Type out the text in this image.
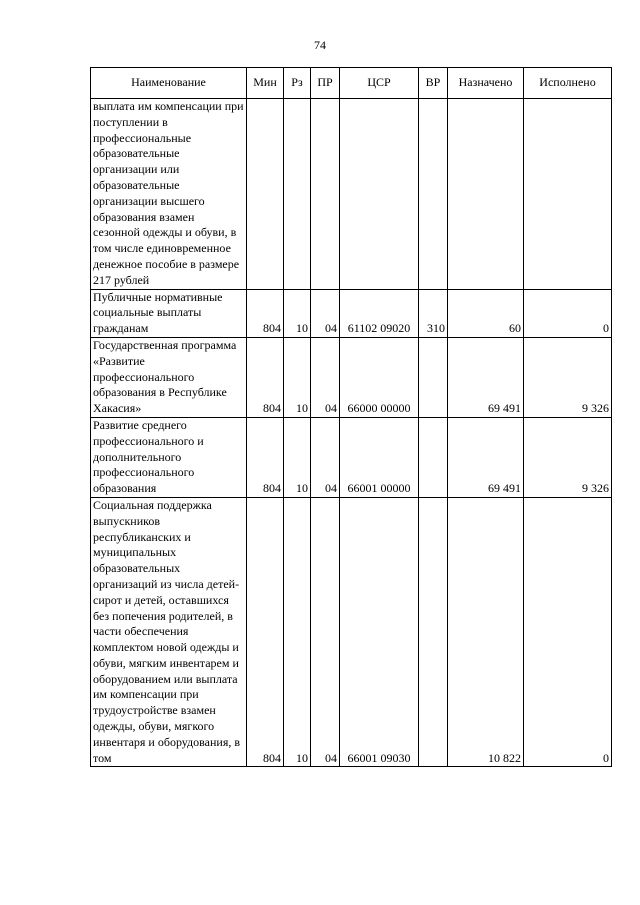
74
Наименование	Мин	Рз	ПР	ЦСР	ВР	Назначено	Исполнено
выплата им компенсации при поступлении в профессиональные образовательные организации или образовательные организации высшего образования взамен сезонной одежды и обуви, в том числе единовременное денежное пособие в размере 217 рублей							
Публичные нормативные социальные выплаты гражданам	804	10	04	61102 09020	310	60	0
Государственная программа «Развитие профессионального образования в Республике Хакасия»	804	10	04	66000 00000		69 491	9 326
Развитие среднего профессионального и дополнительного профессионального образования	804	10	04	66001 00000		69 491	9 326
Социальная поддержка выпускников республиканских и муниципальных образовательных организаций из числа детей-сирот и детей, оставшихся без попечения родителей, в части обеспечения комплектом новой одежды и обуви, мягким инвентарем и оборудованием или выплата им компенсации при трудоустройстве взамен одежды, обуви, мягкого инвентаря и оборудования, в том	804	10	04	66001 09030		10 822	0
